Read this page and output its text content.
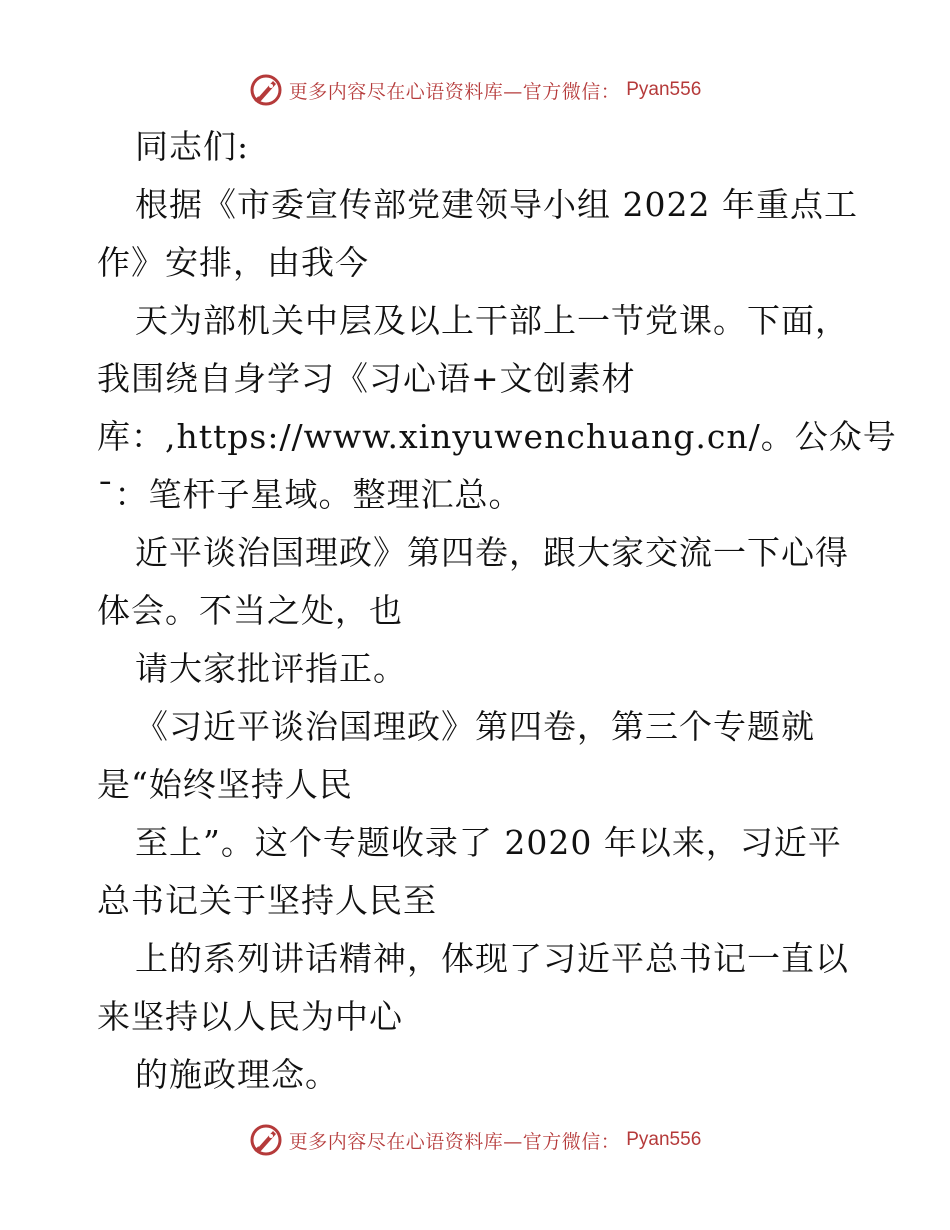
更多内容尽在心语资料库—官方微信： Pyan556
同志们:
根据《市委宣传部党建领导小组 2022 年重点工
作》安排，由我今
天为部机关中层及以上干部上一节党课。下面，
我围绕自身学习《习心语+文创素材
库：,https://www.xinyuwenchuang.cn/。公众号
¯：笔杆子星域。整理汇总。
近平谈治国理政》第四卷，跟大家交流一下心得
体会。不当之处，也
请大家批评指正。
《习近平谈治国理政》第四卷，第三个专题就
是“始终坚持人民
至上”。这个专题收录了 2020 年以来，习近平
总书记关于坚持人民至
上的系列讲话精神，体现了习近平总书记一直以
来坚持以人民为中心
的施政理念。
更多内容尽在心语资料库—官方微信： Pyan556
